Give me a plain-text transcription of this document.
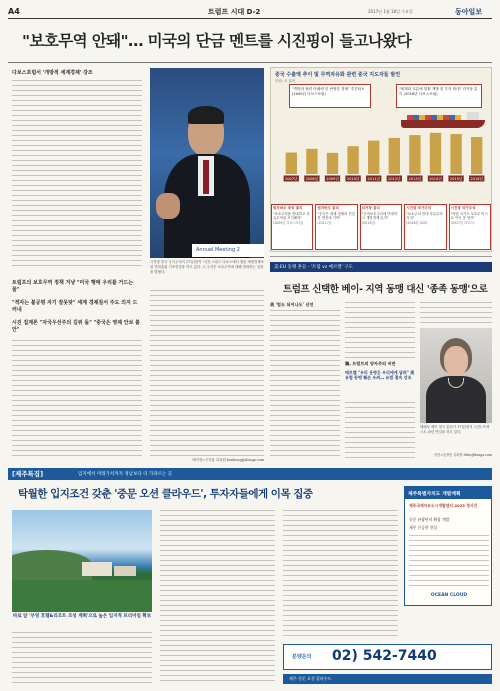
A4	트럼프 시대 D-2	2017년 1월 18일 수요일	동아일보
"보호무역 안돼"… 미국의 단금 멘트를 시진핑이 들고나왔다
다보스포럼서 '개방적 세계경제' 강조
Annual Meeting 2
시진핑 중국 국가주석이 17일(현지 시간) 스위스 다보스에서 열린 세계경제포럼 연차총회 기조연설을 하고 있다. 시 주석은 보호무역에 대해 반대하는 입장을 밝혔다.
중국 수출액 추이 및 무역자유화 관련 중국 지도자들 발언
단위: 조 달러
"개방과 협력 아래에 한 번영한 경제" 후진타오 (2009년 다보스포럼)
"세계화 흐름에 맞춰 개방 및 투자 확대" 리커창 총리 (2016년 다보스포럼)
2007년 2008년 2009년 2010년 2011년 2012년 2013년 2014년 2015년 2016년
원자바오 중국 총리
"보호주의를 반대하고 자유무역을 지지해야"
(2009년 다보스포럼)
원자바오 총리
"중국은 세계 경제의 건강한 발전에 기여"
(2011년)
리커창 총리
"무역보호주의에 반대하고 개방경제 유지"
(2014년)
시진핑 국가주석
"보호주의 반대 자유무역 지지"
(2016년 G20)
시진핑 국가주석
"어떤 국가도 보호무역 으로 이익 못 얻어"
(2017년 다보스)
트럼프의 보호무역 정책 겨냥 "미국 행태 우리를 거드는 꼴"
"적자는 불공평 자기 잘못탓" 세계 경제질서 주도 의지 드러내
시진 집계론 "자국우선주의 길위 돌" "중국은 영제 안보 불안"
베이징=구자룡 특파원 bonhong@donga.com
美·EU 동맹 흔들 - '트럼 vs 메르켈' 구도
트럼프 신택한 베이- 지역 동맹 대신 '종족 동맹'으로
美 '힘도 되어나도' 선언
獨, 트럼프의 양자주의 비판
메르켈 "우리 운명은 우리에게 달려" 美 유럽 동맹 훼손 우려… 유럽 결속 강조
테레사 메이 영국 총리가 17일(현지 시간) 브렉시트 관련 연설을 하고 있다.
런던=동정민 특파원 ditto@donga.com
[제주특집]	입지에서 미래가치까지 경남보다 더 가파르는 곳
탁월한 입지조건 갖춘 '중문 오션 클라우드', 투자자들에게 이목 집중
바로 앞 '부영 호텔&리조트 조성 계획'으로 높은 입지적 프리미엄 확보
제주특별자치도 개발계획
제주국제자유도시개발센터 2025 청사진
중문 관광단지 확장 개발
제주 신공항 건설
OCEAN CLOUD
분양문의 02) 542-7440
제주 중문 오션 클라우드
